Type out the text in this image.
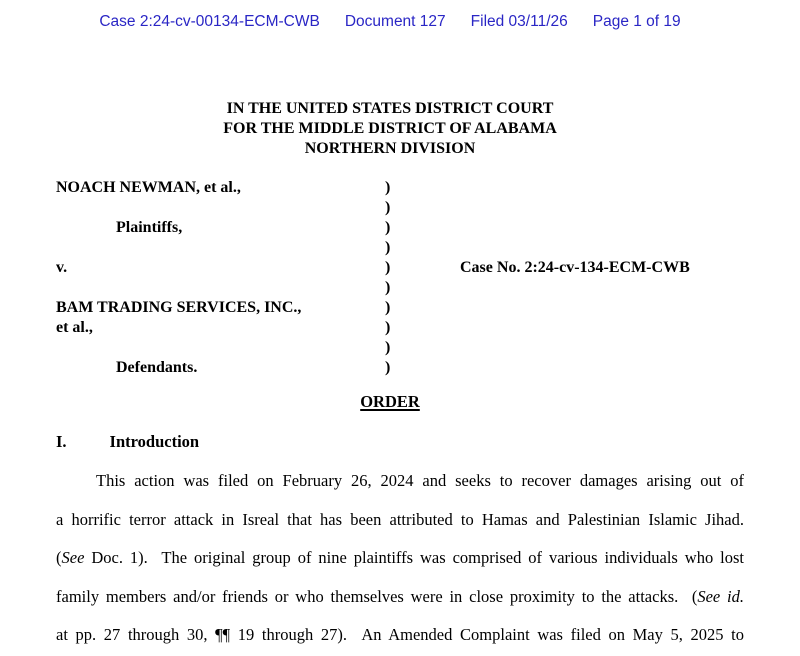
Case 2:24-cv-00134-ECM-CWB Document 127 Filed 03/11/26 Page 1 of 19
IN THE UNITED STATES DISTRICT COURT
FOR THE MIDDLE DISTRICT OF ALABAMA
NORTHERN DIVISION
NOACH NEWMAN, et al.,	)
)
Plaintiffs,	)
)
v.	)	Case No. 2:24-cv-134-ECM-CWB
)
BAM TRADING SERVICES, INC.,	)
et al.,	)
)
Defendants.	)
ORDER
I.	Introduction
This action was filed on February 26, 2024 and seeks to recover damages arising out of
a horrific terror attack in Isreal that has been attributed to Hamas and Palestinian Islamic Jihad.
(See Doc. 1).  The original group of nine plaintiffs was comprised of various individuals who lost
family members and/or friends or who themselves were in close proximity to the attacks.  (See id.
at pp. 27 through 30, ¶¶ 19 through 27).  An Amended Complaint was filed on May 5, 2025 to
